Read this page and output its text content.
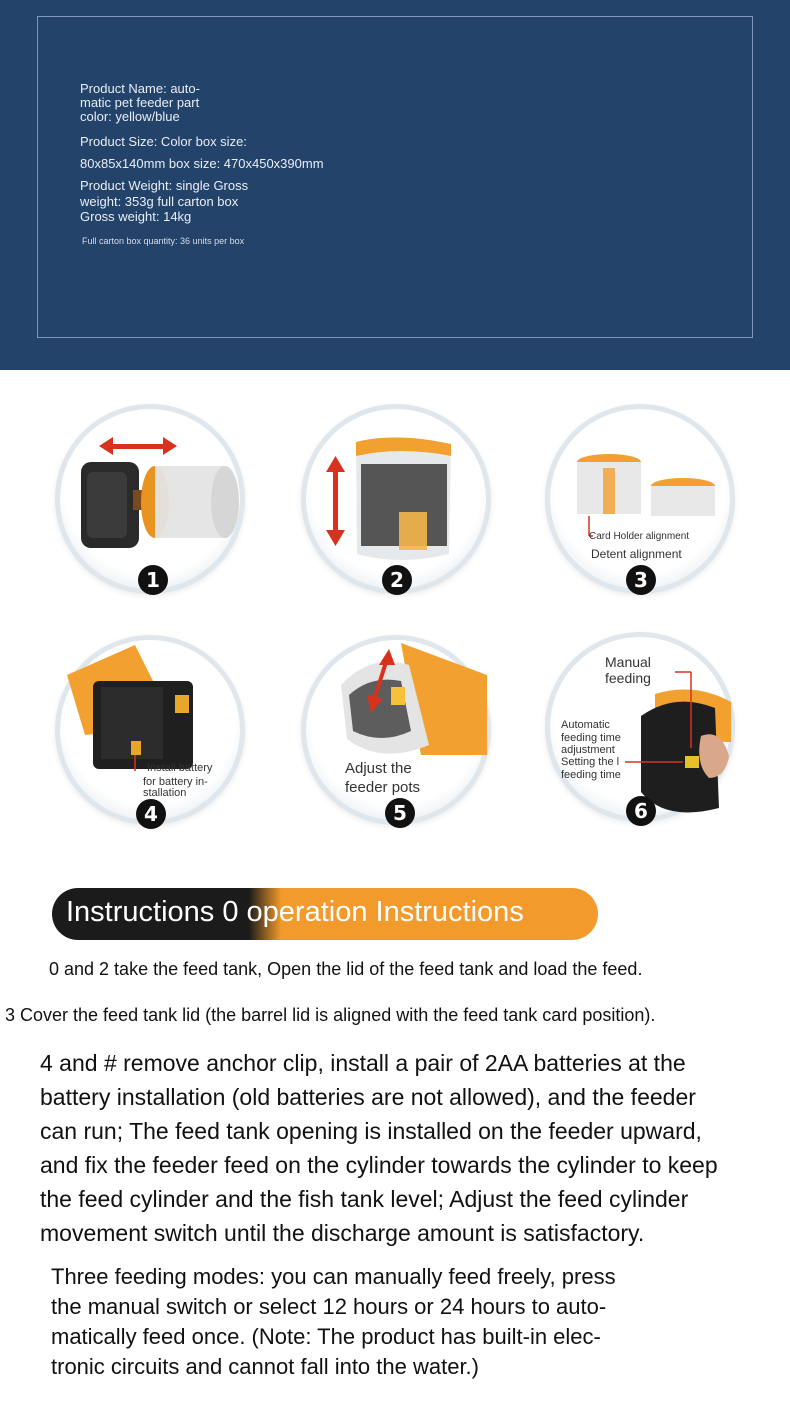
Product Name: auto-
matic pet feeder part
color: yellow/blue
Product Size: Color box size:
80x85x140mm box size: 470x450x390mm
Product Weight: single Gross
weight: 353g full carton box
Gross weight: 14kg
Full carton box quantity: 36 units per box
1	2
Card Holder alignment
Detent alignment
3
Install battery
for battery in-
stallation
4
Adjust the
feeder pots
5
Manual
feeding
Automatic
feeding time
adjustment
Setting the l
feeding time
6
Instructions 0 operation Instructions
0 and 2 take the feed tank, Open the lid of the feed tank and load the feed.
3 Cover the feed tank lid (the barrel lid is aligned with the feed tank card position).
4 and # remove anchor clip, install a pair of 2AA batteries at the
battery installation (old batteries are not allowed), and the feeder
can run; The feed tank opening is installed on the feeder upward,
and fix the feeder feed on the cylinder towards the cylinder to keep
the feed cylinder and the fish tank level; Adjust the feed cylinder
movement switch until the discharge amount is satisfactory.
Three feeding modes: you can manually feed freely, press
the manual switch or select 12 hours or 24 hours to auto-
matically feed once. (Note: The product has built-in elec-
tronic circuits and cannot fall into the water.)
